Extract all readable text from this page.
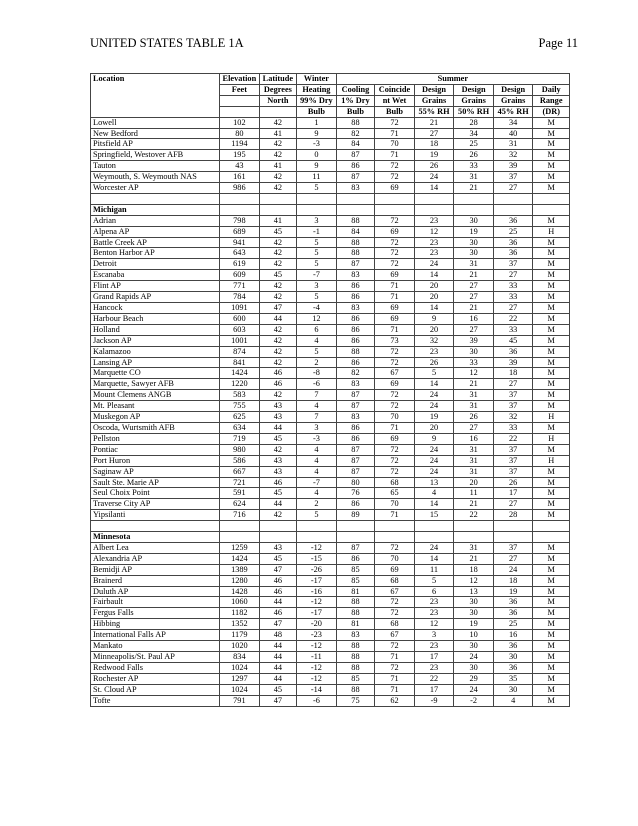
UNITED STATES TABLE 1A	Page 11
Location	Elevation	Latitude	Winter	Summer					
	Feet	Degrees	Heating	Cooling	Coincide	Design	Design	Design	Daily
		North	99% Dry	1% Dry	nt Wet	Grains	Grains	Grains	Range
			Bulb	Bulb	Bulb	55% RH	50% RH	45% RH	(DR)
Lowell	102	42	1	88	72	21	28	34	M
New Bedford	80	41	9	82	71	27	34	40	M
Pitsfield AP	1194	42	-3	84	70	18	25	31	M
Springfield, Westover AFB	195	42	0	87	71	19	26	32	M
Tauton	43	41	9	86	72	26	33	39	M
Weymouth, S. Weymouth NAS	161	42	11	87	72	24	31	37	M
Worcester AP	986	42	5	83	69	14	21	27	M

Michigan									
Adrian	798	41	3	88	72	23	30	36	M
Alpena AP	689	45	-1	84	69	12	19	25	H
Battle Creek AP	941	42	5	88	72	23	30	36	M
Benton Harbor AP	643	42	5	88	72	23	30	36	M
Detroit	619	42	5	87	72	24	31	37	M
Escanaba	609	45	-7	83	69	14	21	27	M
Flint AP	771	42	3	86	71	20	27	33	M
Grand Rapids AP	784	42	5	86	71	20	27	33	M
Hancock	1091	47	-4	83	69	14	21	27	M
Harbour Beach	600	44	12	86	69	9	16	22	M
Holland	603	42	6	86	71	20	27	33	M
Jackson AP	1001	42	4	86	73	32	39	45	M
Kalamazoo	874	42	5	88	72	23	30	36	M
Lansing AP	841	42	2	86	72	26	33	39	M
Marquette CO	1424	46	-8	82	67	5	12	18	M
Marquette, Sawyer AFB	1220	46	-6	83	69	14	21	27	M
Mount Clemens ANGB	583	42	7	87	72	24	31	37	M
Mt. Pleasant	755	43	4	87	72	24	31	37	M
Muskegon AP	625	43	7	83	70	19	26	32	H
Oscoda, Wurtsmith AFB	634	44	3	86	71	20	27	33	M
Pellston	719	45	-3	86	69	9	16	22	H
Pontiac	980	42	4	87	72	24	31	37	M
Port Huron	586	43	4	87	72	24	31	37	H
Saginaw AP	667	43	4	87	72	24	31	37	M
Sault Ste. Marie AP	721	46	-7	80	68	13	20	26	M
Seul Choix Point	591	45	4	76	65	4	11	17	M
Traverse City AP	624	44	2	86	70	14	21	27	M
Yipsilanti	716	42	5	89	71	15	22	28	M

Minnesota									
Albert Lea	1259	43	-12	87	72	24	31	37	M
Alexandria AP	1424	45	-15	86	70	14	21	27	M
Bemidji AP	1389	47	-26	85	69	11	18	24	M
Brainerd	1280	46	-17	85	68	5	12	18	M
Duluth AP	1428	46	-16	81	67	6	13	19	M
Fairbault	1060	44	-12	88	72	23	30	36	M
Fergus Falls	1182	46	-17	88	72	23	30	36	M
Hibbing	1352	47	-20	81	68	12	19	25	M
International Falls AP	1179	48	-23	83	67	3	10	16	M
Mankato	1020	44	-12	88	72	23	30	36	M
Minneapolis/St. Paul AP	834	44	-11	88	71	17	24	30	M
Redwood Falls	1024	44	-12	88	72	23	30	36	M
Rochester AP	1297	44	-12	85	71	22	29	35	M
St. Cloud AP	1024	45	-14	88	71	17	24	30	M
Tofte	791	47	-6	75	62	-9	-2	4	M
